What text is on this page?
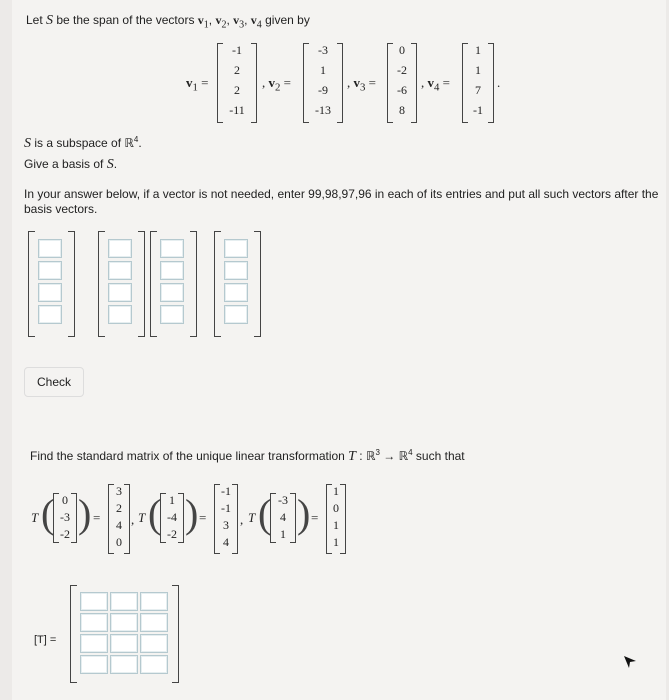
Let S be the span of the vectors $v_1$, $v_2$, $v_3$, $v_4$ given by
$v_1$ =
-1
2
2
-11
, $v_2$ =
-3
1
-9
-13
, $v_3$ =
0
-2
-6
8
, $v_4$ =
1
1
7
-1
.
S is a subspace of ℝ$^4$.
Give a basis of S.
In your answer below, if a vector is not needed, enter 99,98,97,96 in each of its entries and put all such vectors after the basis vectors.
Check
Find the standard matrix of the unique linear transformation T : ℝ$^3$ → ℝ$^4$ such that
T ( 0
-3
-2 ) =
3
2
4
0
, T ( 1
-4
-2 ) =
-1
-1
3
4
, T ( -3
4
1 ) =
1
0
1
1
[T] =
